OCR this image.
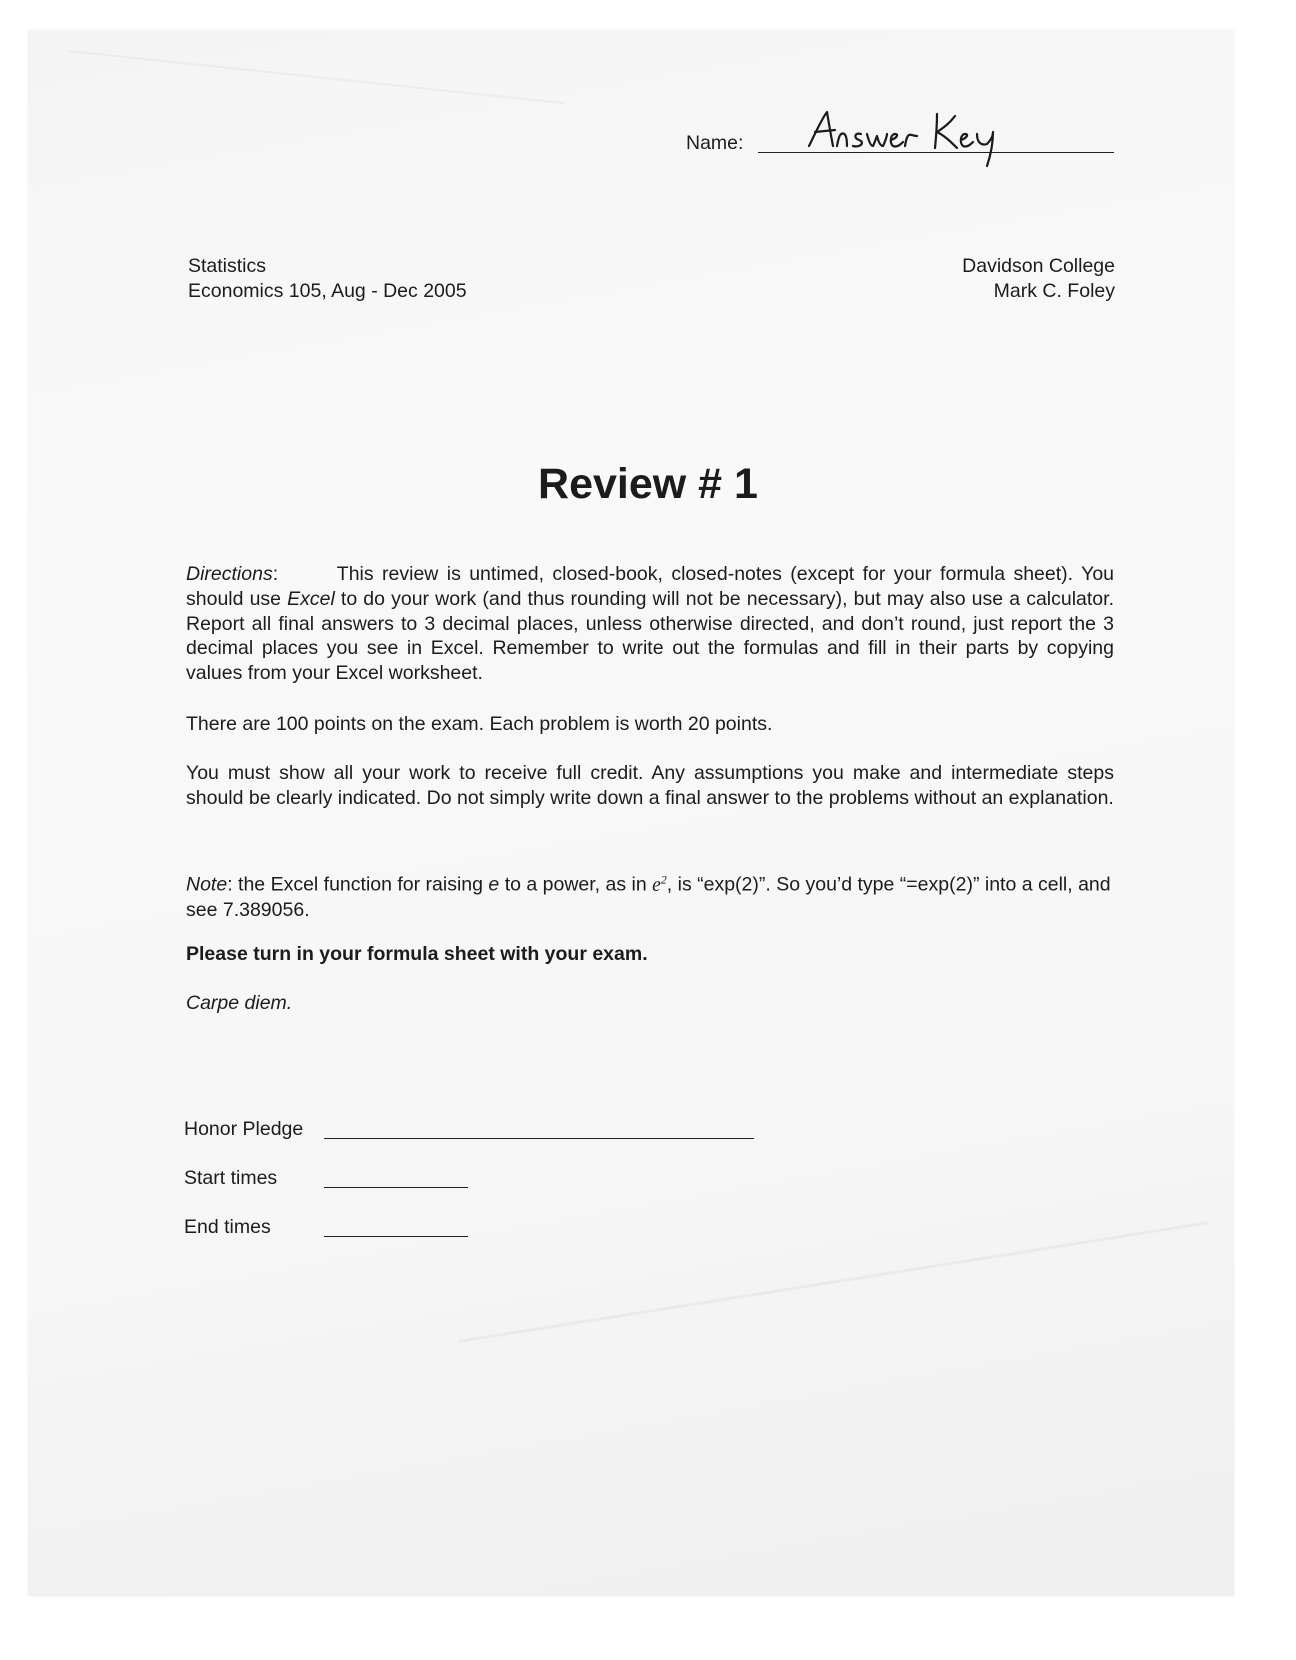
Name:
Statistics
Economics 105, Aug - Dec 2005
Davidson College
Mark C. Foley
Review # 1
Directions:       This review is untimed, closed-book, closed-notes (except for your formula sheet). You should use Excel to do your work (and thus rounding will not be necessary), but may also use a calculator. Report all final answers to 3 decimal places, unless otherwise directed, and don’t round, just report the 3 decimal places you see in Excel. Remember to write out the formulas and fill in their parts by copying values from your Excel worksheet.
There are 100 points on the exam. Each problem is worth 20 points.
You must show all your work to receive full credit. Any assumptions you make and intermediate steps should be clearly indicated. Do not simply write down a final answer to the problems without an explanation.
Note: the Excel function for raising e to a power, as in $e^2$, is “exp(2)”. So you’d type “=exp(2)” into a cell, and see 7.389056.
Please turn in your formula sheet with your exam.
Carpe diem.
Honor Pledge
Start times
End times
